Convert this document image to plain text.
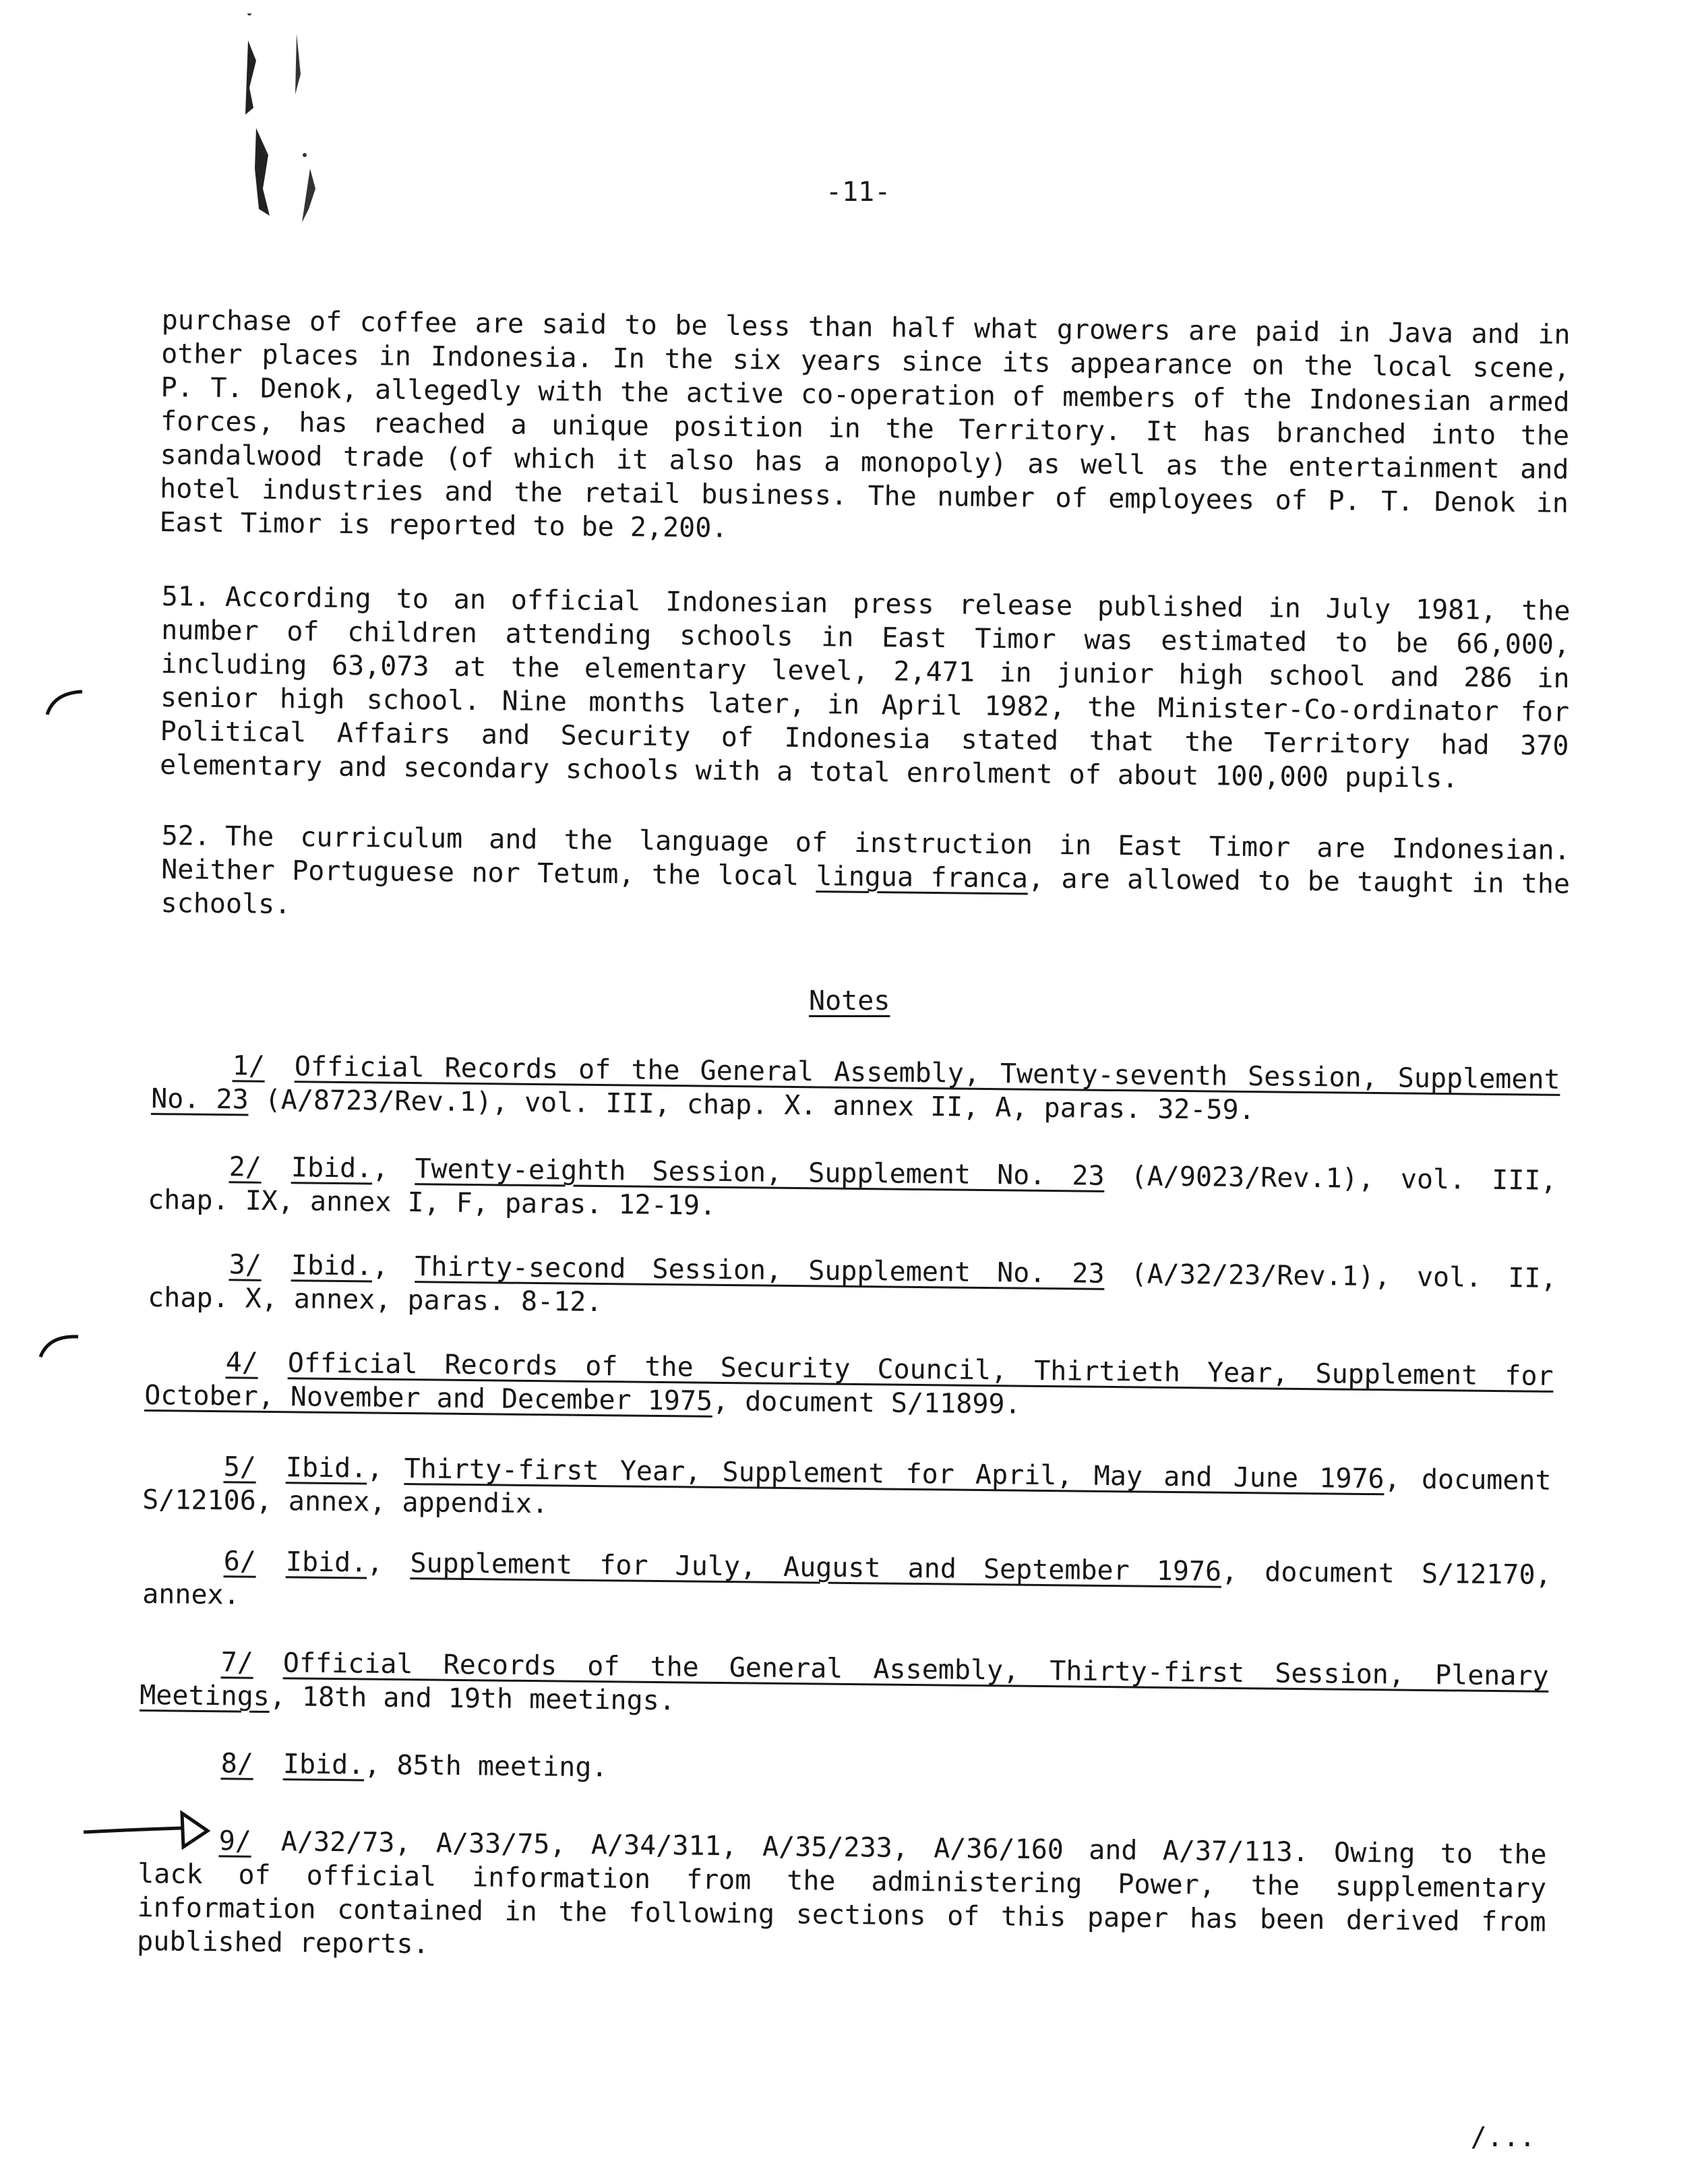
-11-

purchase of coffee are said to be less than half what growers are paid in Java and in other places in Indonesia. In the six years since its appearance on the local scene, P. T. Denok, allegedly with the active co-operation of members of the Indonesian armed forces, has reached a unique position in the Territory. It has branched into the sandalwood trade (of which it also has a monopoly) as well as the entertainment and hotel industries and the retail business. The number of employees of P. T. Denok in East Timor is reported to be 2,200.

51. According to an official Indonesian press release published in July 1981, the number of children attending schools in East Timor was estimated to be 66,000, including 63,073 at the elementary level, 2,471 in junior high school and 286 in senior high school. Nine months later, in April 1982, the Minister-Co-ordinator for Political Affairs and Security of Indonesia stated that the Territory had 370 elementary and secondary schools with a total enrolment of about 100,000 pupils.

52. The curriculum and the language of instruction in East Timor are Indonesian. Neither Portuguese nor Tetum, the local lingua franca, are allowed to be taught in the schools.

Notes

1/ Official Records of the General Assembly, Twenty-seventh Session, Supplement No. 23 (A/8723/Rev.1), vol. III, chap. X. annex II, A, paras. 32-59.

2/ Ibid., Twenty-eighth Session, Supplement No. 23 (A/9023/Rev.1), vol. III, chap. IX, annex I, F, paras. 12-19.

3/ Ibid., Thirty-second Session, Supplement No. 23 (A/32/23/Rev.1), vol. II, chap. X, annex, paras. 8-12.

4/ Official Records of the Security Council, Thirtieth Year, Supplement for October, November and December 1975, document S/11899.

5/ Ibid., Thirty-first Year, Supplement for April, May and June 1976, document S/12106, annex, appendix.

6/ Ibid., Supplement for July, August and September 1976, document S/12170, annex.

7/ Official Records of the General Assembly, Thirty-first Session, Plenary Meetings, 18th and 19th meetings.

8/ Ibid., 85th meeting.

9/ A/32/73, A/33/75, A/34/311, A/35/233, A/36/160 and A/37/113. Owing to the lack of official information from the administering Power, the supplementary information contained in the following sections of this paper has been derived from published reports.

/...
